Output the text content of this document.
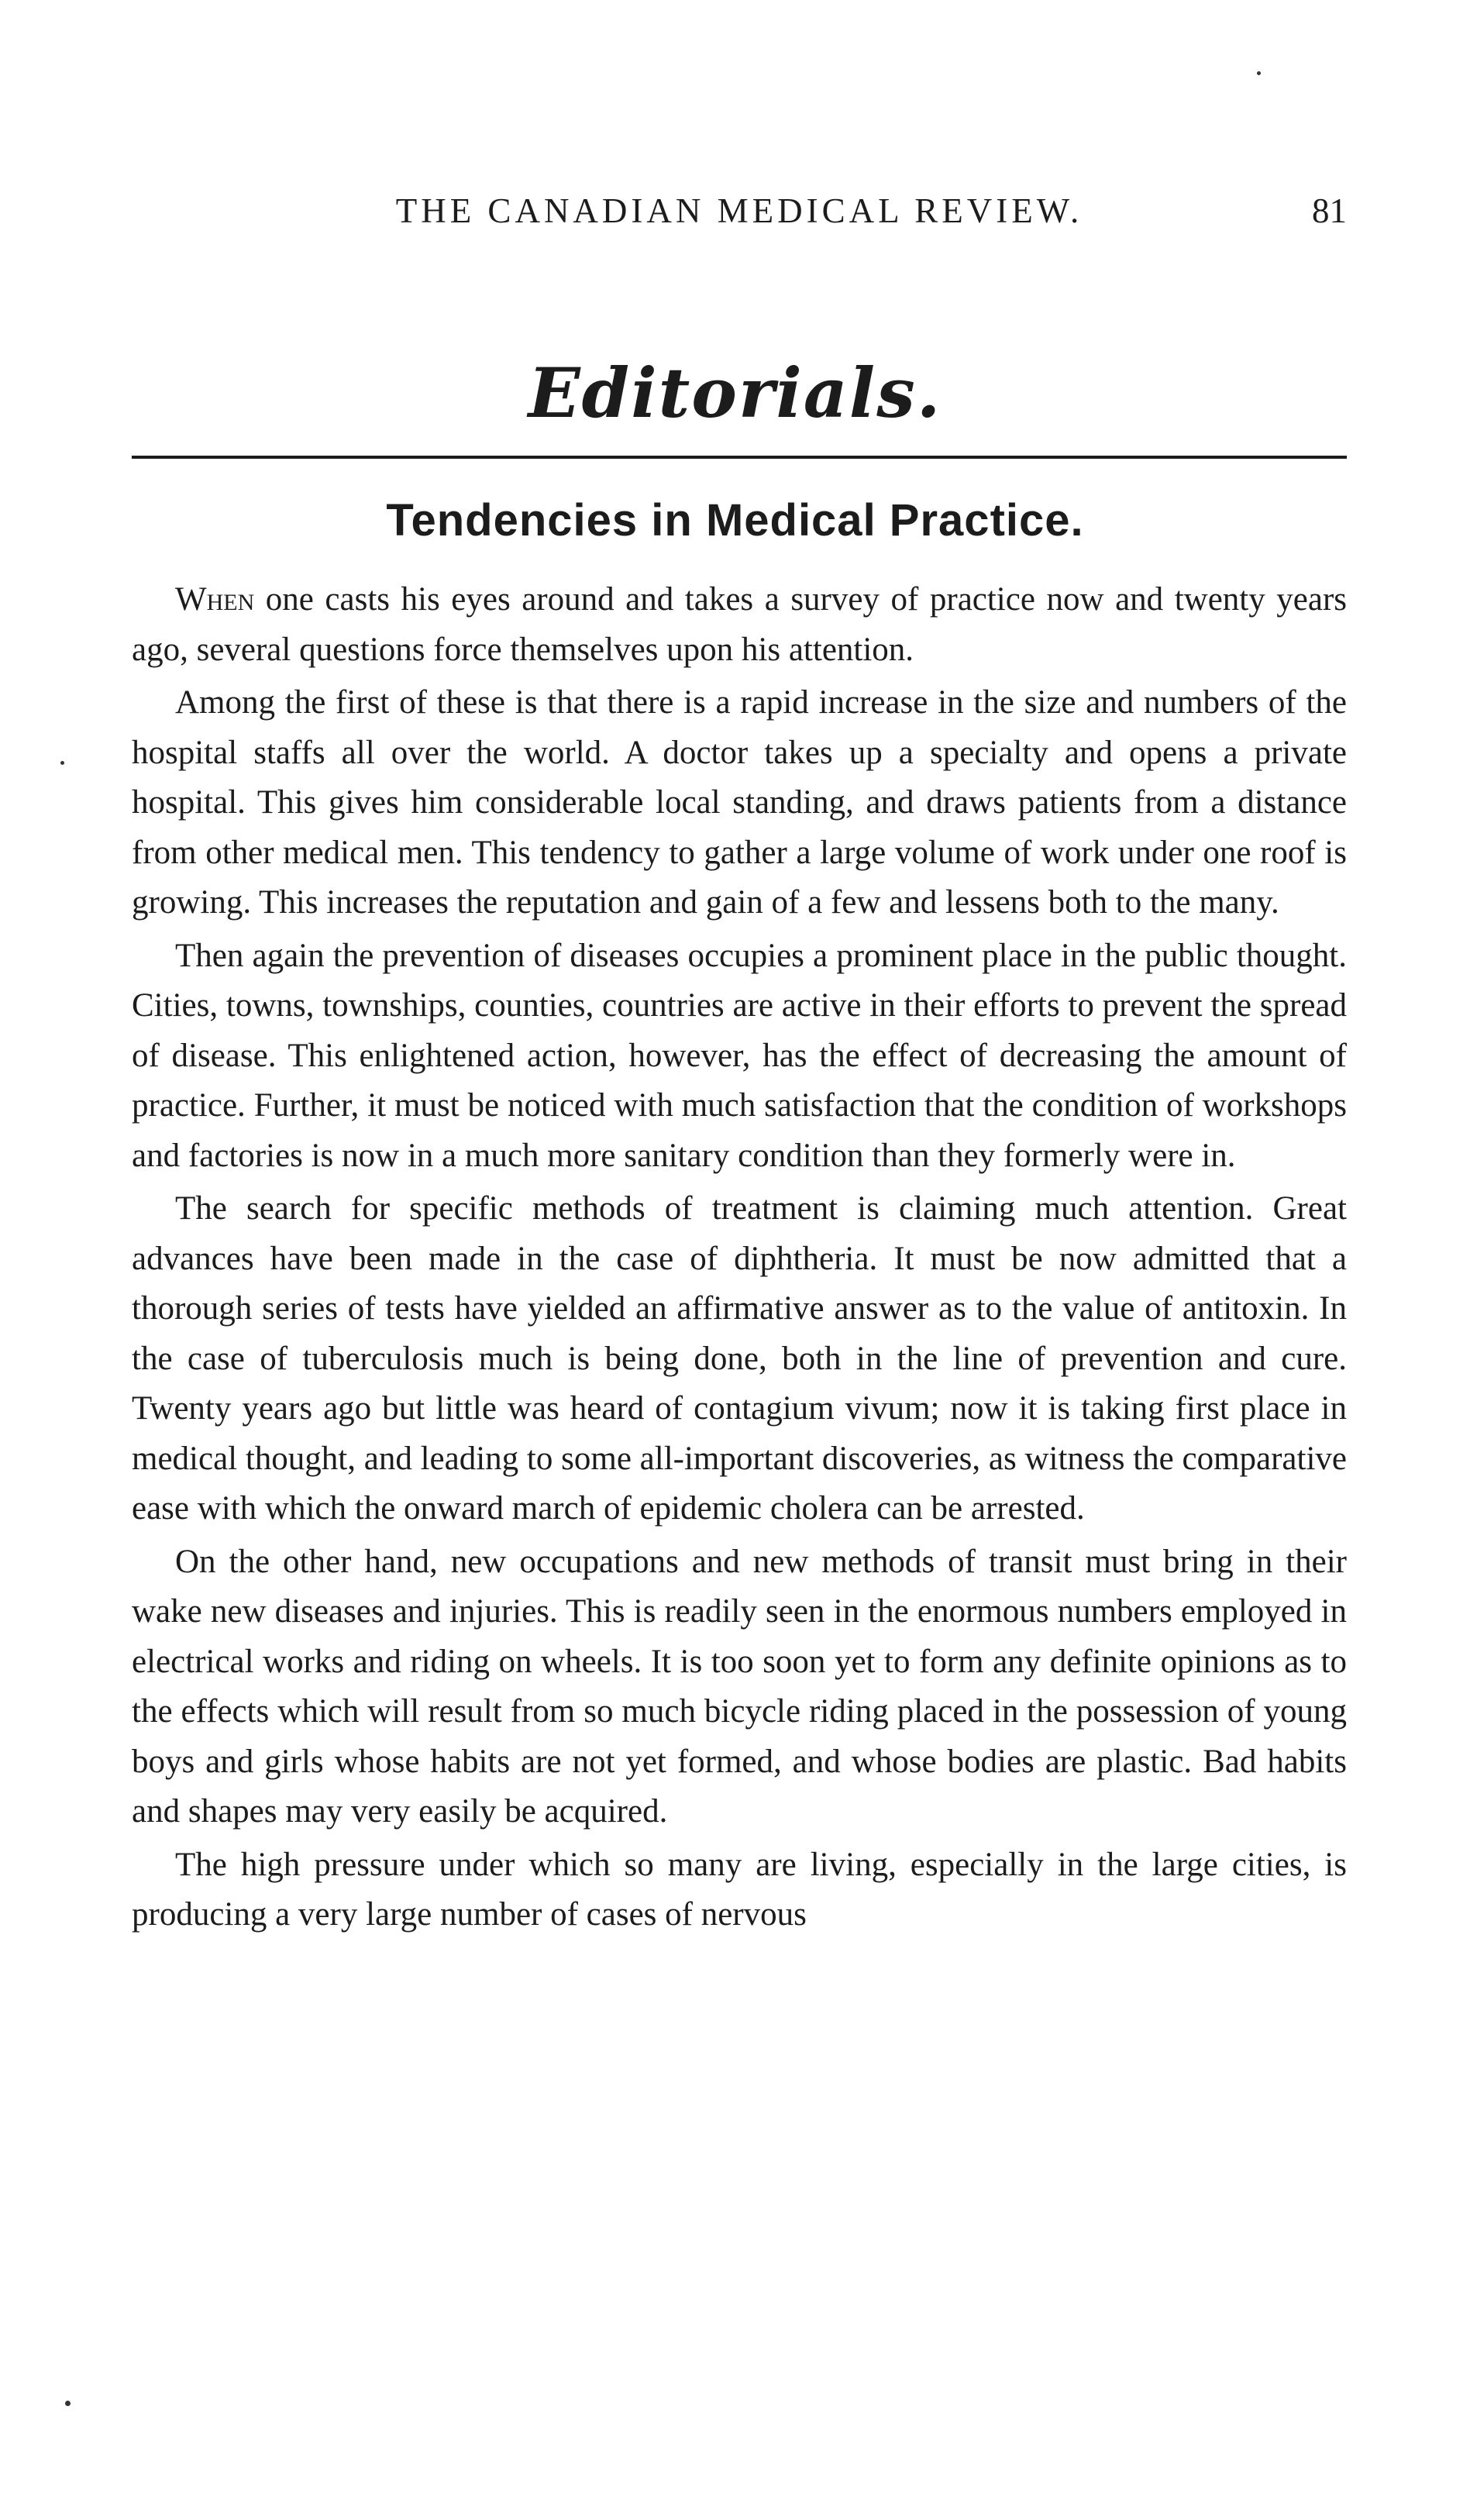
THE CANADIAN MEDICAL REVIEW.	81
Editorials.
Tendencies in Medical Practice.

When one casts his eyes around and takes a survey of practice now and twenty years ago, several questions force themselves upon his attention.

Among the first of these is that there is a rapid increase in the size and numbers of the hospital staffs all over the world. A doctor takes up a specialty and opens a private hospital. This gives him considerable local standing, and draws patients from a distance from other medical men. This tendency to gather a large volume of work under one roof is growing. This increases the reputation and gain of a few and lessens both to the many.

Then again the prevention of diseases occupies a prominent place in the public thought. Cities, towns, townships, counties, countries are active in their efforts to prevent the spread of disease. This enlightened action, however, has the effect of decreasing the amount of practice. Further, it must be noticed with much satisfaction that the condition of workshops and factories is now in a much more sanitary condition than they formerly were in.

The search for specific methods of treatment is claiming much attention. Great advances have been made in the case of diphtheria. It must be now admitted that a thorough series of tests have yielded an affirmative answer as to the value of antitoxin. In the case of tuberculosis much is being done, both in the line of prevention and cure. Twenty years ago but little was heard of contagium vivum; now it is taking first place in medical thought, and leading to some all-important discoveries, as witness the comparative ease with which the onward march of epidemic cholera can be arrested.

On the other hand, new occupations and new methods of transit must bring in their wake new diseases and injuries. This is readily seen in the enormous numbers employed in electrical works and riding on wheels. It is too soon yet to form any definite opinions as to the effects which will result from so much bicycle riding placed in the possession of young boys and girls whose habits are not yet formed, and whose bodies are plastic. Bad habits and shapes may very easily be acquired.

The high pressure under which so many are living, especially in the large cities, is producing a very large number of cases of nervous
